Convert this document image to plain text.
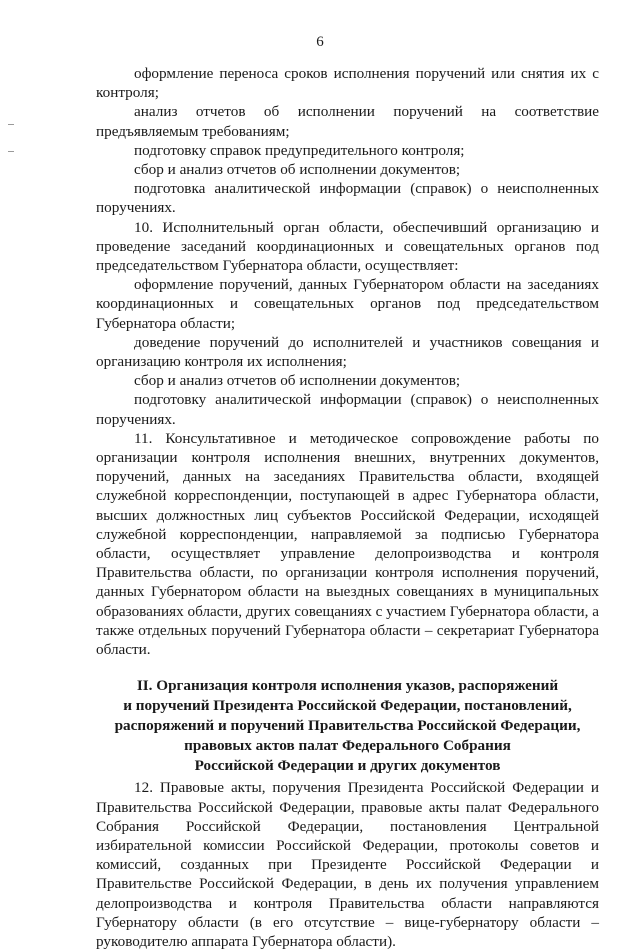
6

оформление переноса сроков исполнения поручений или снятия их с контроля;

анализ отчетов об исполнении поручений на соответствие предъявляемым требованиям;

подготовку справок предупредительного контроля;

сбор и анализ отчетов об исполнении документов;

подготовка аналитической информации (справок) о неисполненных поручениях.

10. Исполнительный орган области, обеспечивший организацию и проведение заседаний координационных и совещательных органов под председательством Губернатора области, осуществляет:

оформление поручений, данных Губернатором области на заседаниях координационных и совещательных органов под председательством Губернатора области;

доведение поручений до исполнителей и участников совещания и организацию контроля их исполнения;

сбор и анализ отчетов об исполнении документов;

подготовку аналитической информации (справок) о неисполненных поручениях.

11. Консультативное и методическое сопровождение работы по организации контроля исполнения внешних, внутренних документов, поручений, данных на заседаниях Правительства области, входящей служебной корреспонденции, поступающей в адрес Губернатора области, высших должностных лиц субъектов Российской Федерации, исходящей служебной корреспонденции, направляемой за подписью Губернатора области, осуществляет управление делопроизводства и контроля Правительства области, по организации контроля исполнения поручений, данных Губернатором области на выездных совещаниях в муниципальных образованиях области, других совещаниях с участием Губернатора области, а также отдельных поручений Губернатора области – секретариат Губернатора области.

II. Организация контроля исполнения указов, распоряжений
и поручений Президента Российской Федерации, постановлений,
распоряжений и поручений Правительства Российской Федерации,
правовых актов палат Федерального Собрания
Российской Федерации и других документов

12. Правовые акты, поручения Президента Российской Федерации и Правительства Российской Федерации, правовые акты палат Федерального Собрания Российской Федерации, постановления Центральной избирательной комиссии Российской Федерации, протоколы советов и комиссий, созданных при Президенте Российской Федерации и Правительстве Российской Федерации, в день их получения управлением делопроизводства и контроля Правительства области направляются Губернатору области (в его отсутствие – вице-губернатору области – руководителю аппарата Губернатора области).
